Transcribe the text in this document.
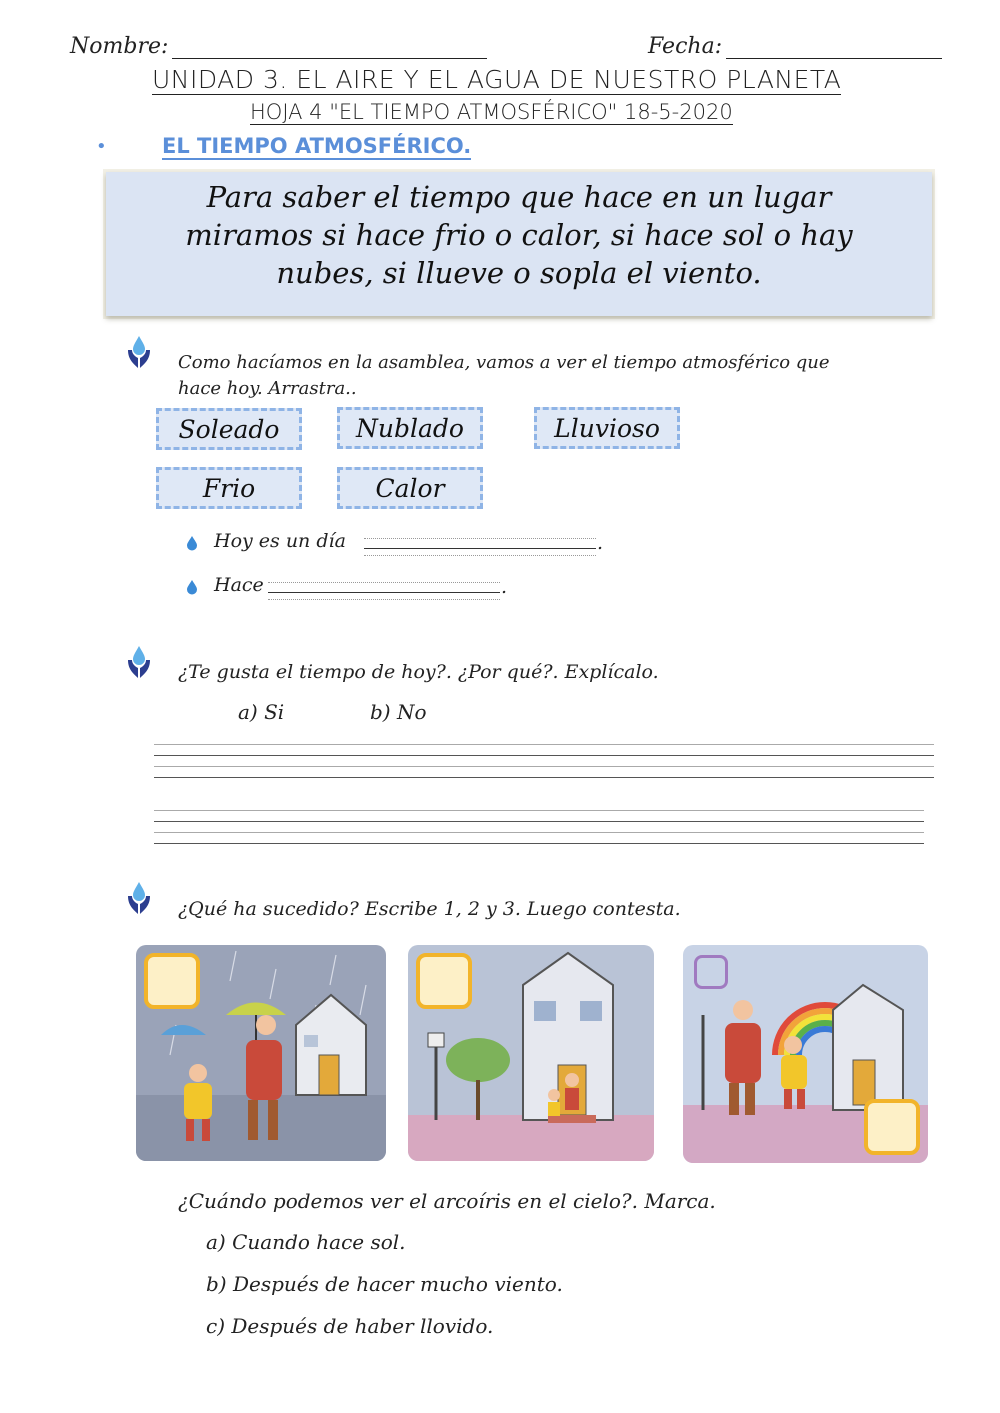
Nombre:	Fecha:
UNIDAD 3. EL AIRE Y EL AGUA DE NUESTRO PLANETA
HOJA 4 "EL TIEMPO ATMOSFÉRICO" 18-5-2020
•	EL TIEMPO ATMOSFÉRICO.
Para saber el tiempo que hace en un lugar
miramos si hace frio o calor, si hace sol o hay
nubes, si llueve o sopla el viento.
Como hacíamos en la asamblea, vamos a ver el tiempo atmosférico que
hace hoy. Arrastra..
Soleado	Nublado	Lluvioso
Frio	Calor
Hoy es un día	.
Hace	.
¿Te gusta el tiempo de hoy?. ¿Por qué?. Explícalo.
a) Si	b) No
¿Qué ha sucedido? Escribe 1, 2 y 3. Luego contesta.
¿Cuándo podemos ver el arcoíris en el cielo?. Marca.
a) Cuando hace sol.
b) Después de hacer mucho viento.
c) Después de haber llovido.
